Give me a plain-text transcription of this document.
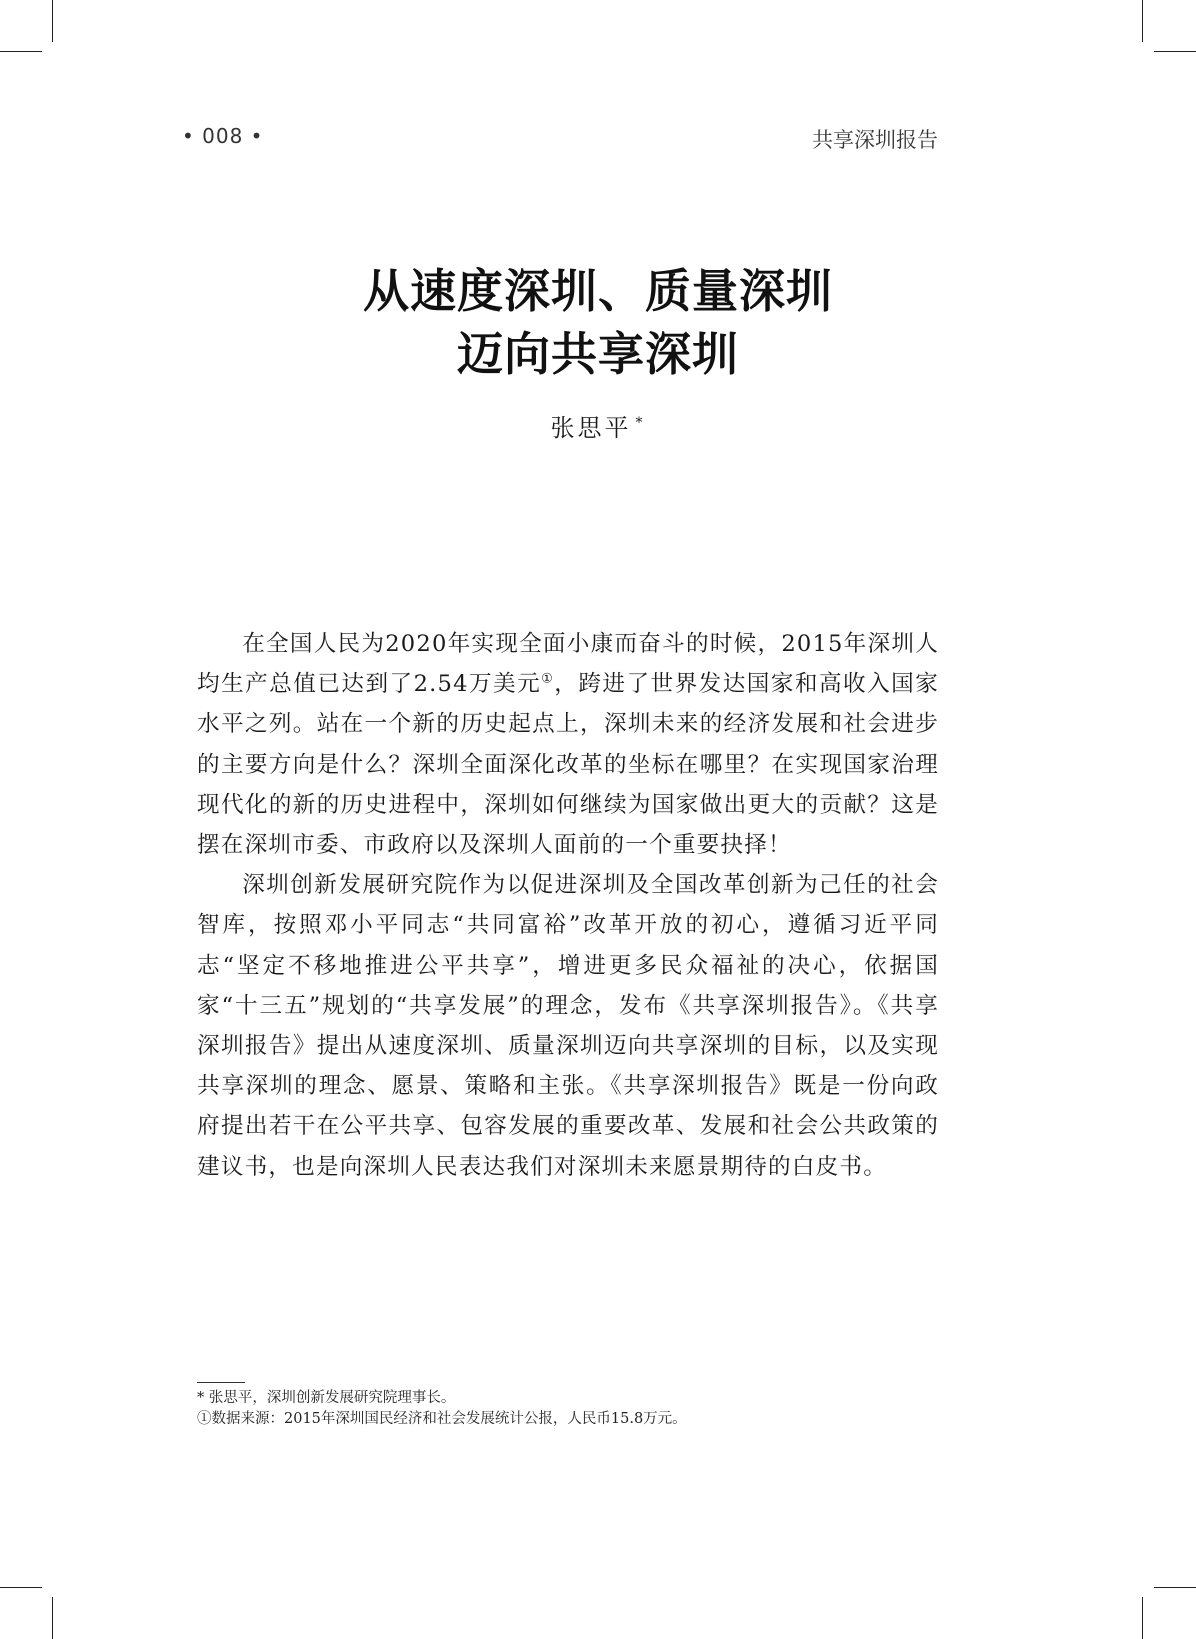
• 008 •	共享深圳报告
从速度深圳、质量深圳
迈向共享深圳
张思平 *

在全国人民为2020年实现全面小康而奋斗的时候，2015年深圳人均生产总值已达到了2.54万美元①，跨进了世界发达国家和高收入国家水平之列。站在一个新的历史起点上，深圳未来的经济发展和社会进步的主要方向是什么？深圳全面深化改革的坐标在哪里？在实现国家治理现代化的新的历史进程中，深圳如何继续为国家做出更大的贡献？这是摆在深圳市委、市政府以及深圳人面前的一个重要抉择！

深圳创新发展研究院作为以促进深圳及全国改革创新为己任的社会智库，按照邓小平同志“共同富裕”改革开放的初心，遵循习近平同志“坚定不移地推进公平共享”，增进更多民众福祉的决心，依据国家“十三五”规划的“共享发展”的理念，发布《共享深圳报告》。《共享深圳报告》提出从速度深圳、质量深圳迈向共享深圳的目标，以及实现共享深圳的理念、愿景、策略和主张。《共享深圳报告》既是一份向政府提出若干在公平共享、包容发展的重要改革、发展和社会公共政策的建议书，也是向深圳人民表达我们对深圳未来愿景期待的白皮书。

* 张思平，深圳创新发展研究院理事长。
①数据来源：2015年深圳国民经济和社会发展统计公报，人民币15.8万元。
